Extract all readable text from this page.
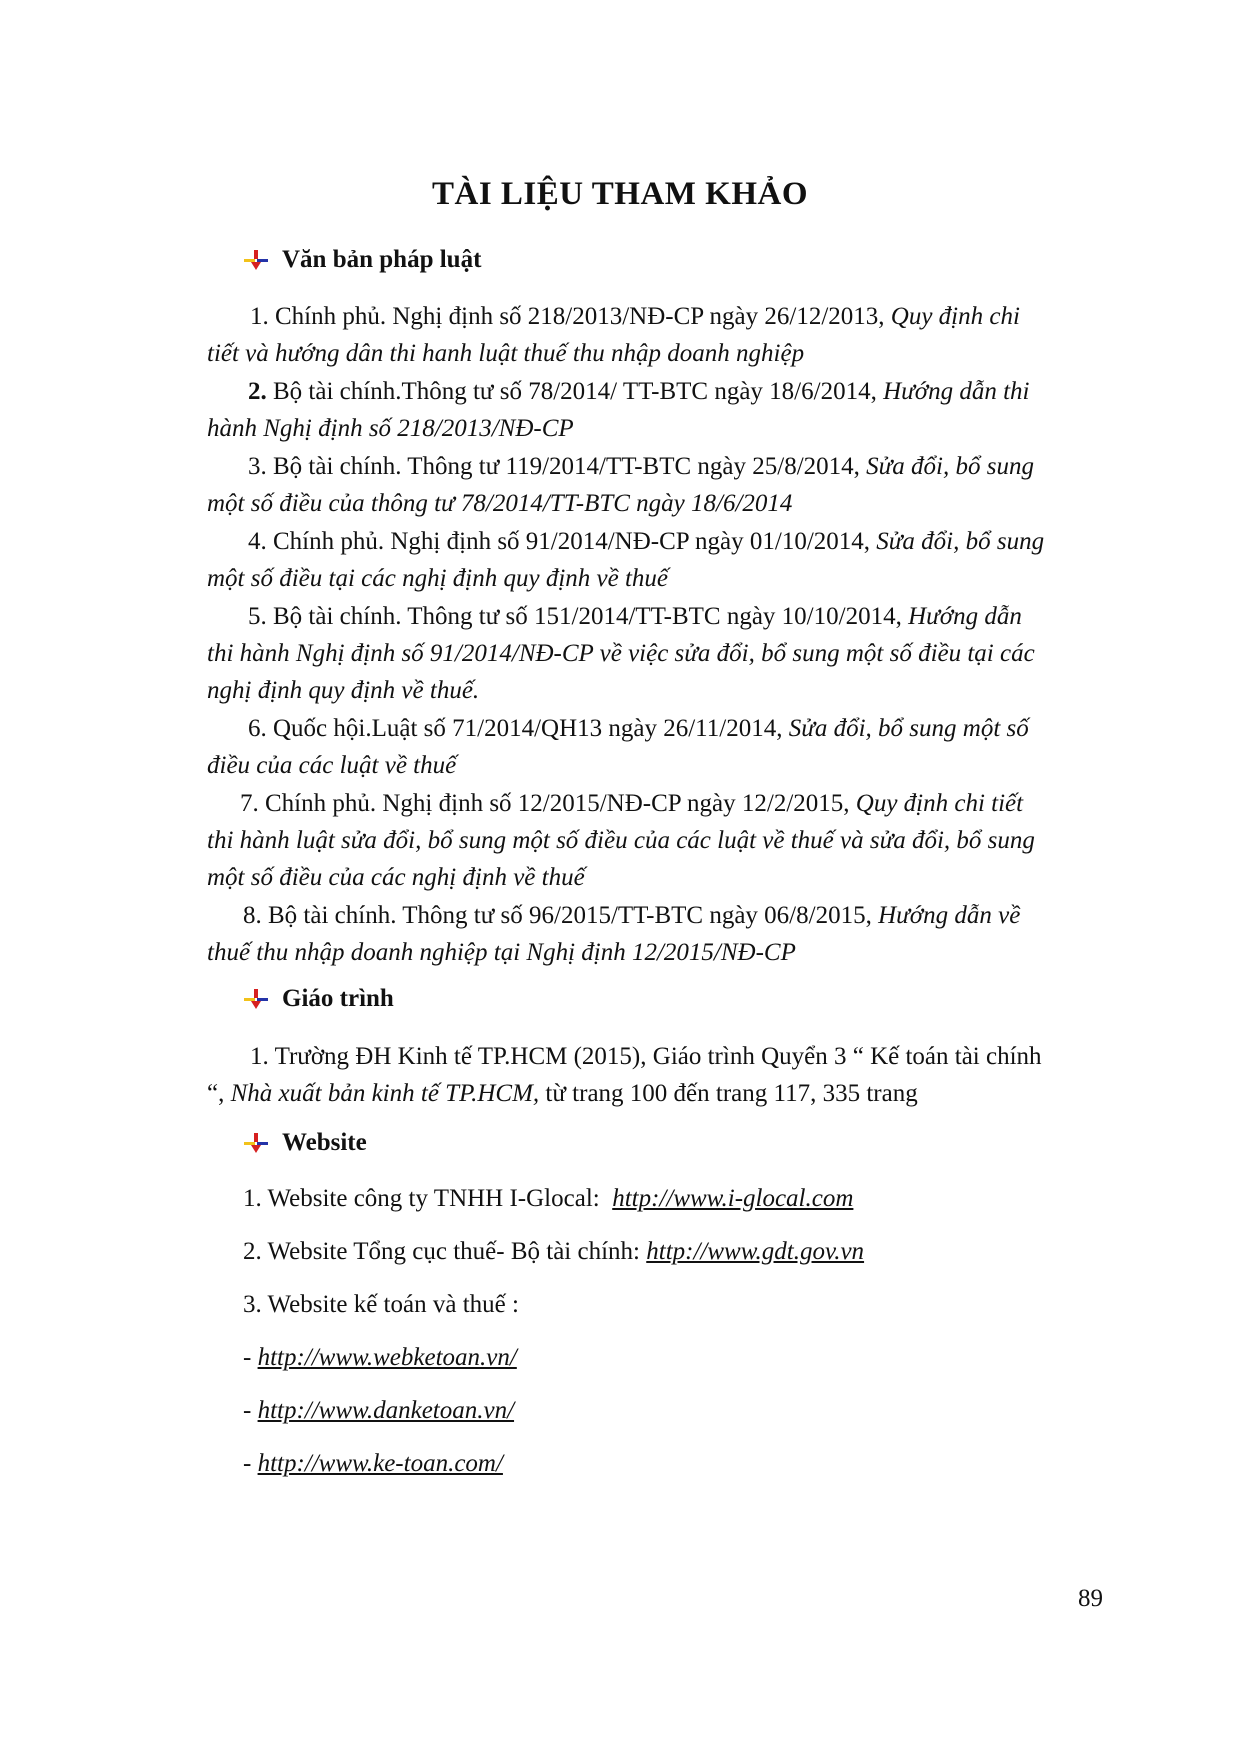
TÀI LIỆU THAM KHẢO
Văn bản pháp luật
1. Chính phủ. Nghị định số 218/2013/NĐ-CP ngày 26/12/2013, Quy định chi
tiết và hướng dân thi hanh luật thuế thu nhập doanh nghiệp
2. Bộ tài chính.Thông tư số 78/2014/ TT-BTC ngày 18/6/2014, Hướng dẫn thi
hành Nghị định số 218/2013/NĐ-CP
3. Bộ tài chính. Thông tư 119/2014/TT-BTC ngày 25/8/2014, Sửa đổi, bổ sung
một số điều của thông tư 78/2014/TT-BTC ngày 18/6/2014
4. Chính phủ. Nghị định số 91/2014/NĐ-CP ngày 01/10/2014, Sửa đổi, bổ sung
một số điều tại các nghị định quy định về thuế
5. Bộ tài chính. Thông tư số 151/2014/TT-BTC ngày 10/10/2014, Hướng dẫn
thi hành Nghị định số 91/2014/NĐ-CP về việc sửa đổi, bổ sung một số điều tại các
nghị định quy định về thuế.
6. Quốc hội.Luật số 71/2014/QH13 ngày 26/11/2014, Sửa đổi, bổ sung một số
điều của các luật về thuế
7. Chính phủ. Nghị định số 12/2015/NĐ-CP ngày 12/2/2015, Quy định chi tiết
thi hành luật sửa đổi, bổ sung một số điều của các luật về thuế và sửa đổi, bổ sung
một số điều của các nghị định về thuế
8. Bộ tài chính. Thông tư số 96/2015/TT-BTC ngày 06/8/2015, Hướng dẫn về
thuế thu nhập doanh nghiệp tại Nghị định 12/2015/NĐ-CP
Giáo trình
1. Trường ĐH Kinh tế TP.HCM (2015), Giáo trình Quyển 3 “ Kế toán tài chính
“, Nhà xuất bản kinh tế TP.HCM, từ trang 100 đến trang 117, 335 trang
Website
1. Website công ty TNHH I-Glocal: http://www.i-glocal.com
2. Website Tổng cục thuế- Bộ tài chính: http://www.gdt.gov.vn
3. Website kế toán và thuế :
- http://www.webketoan.vn/
- http://www.danketoan.vn/
- http://www.ke-toan.com/
89
